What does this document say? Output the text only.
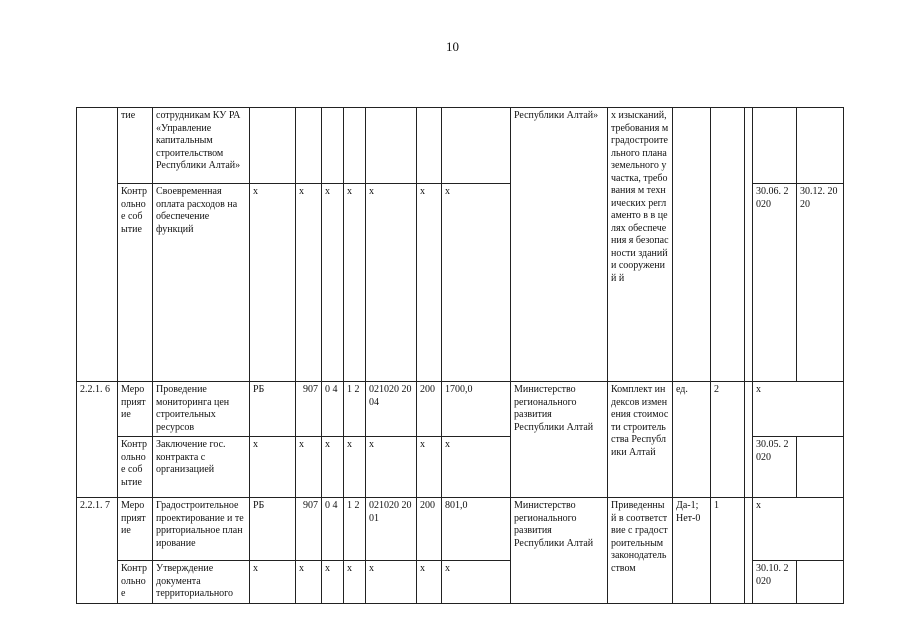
10
	тие	сотрудникам КУ РА «Управление капитальным строительством Республики Алтай»								Республики Алтай»	х изысканий, требования м градостроительного плана земельного участка, требования м технических регламенто в в целях обеспечения я безопасности зданий и сооружений й					
	Контрольное событие	Своевременная оплата расходов на обеспечение функций	х	х	х	х	х	х	х						30.06. 2020	30.12. 2020
2.2.1. 6	Мероприятие	Проведение мониторинга цен строительных ресурсов	РБ	907	0 4	1 2	021020 2004	200	1700,0	Министерство регионального развития Республики Алтай	Комплект индексов изменения стоимости строительства Республики Алтай	ед.	2		х	
	Контрольное событие	Заключение гос. контракта с организацией	х	х	х	х	х	х	х						30.05. 2020	
2.2.1. 7	Мероприятие	Градостроительное проектирование и территориальное планирование	РБ	907	0 4	1 2	021020 2001	200	801,0	Министерство регионального развития Республики Алтай	Приведенный в соответствие с градостроительным законодательством	Да-1; Нет-0	1		х	
	Контрольное	Утверждение документа территориального	х	х	х	х	х	х	х						30.10. 2020	
